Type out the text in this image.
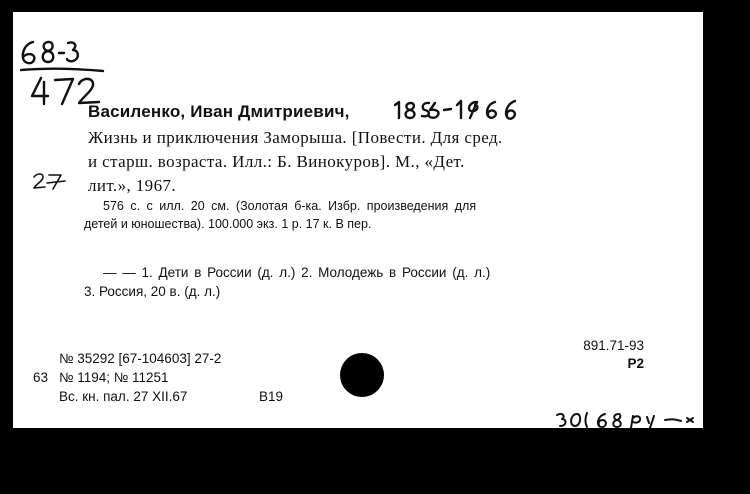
Василенко, Иван Дмитриевич,
Жизнь и приключения Заморыша. [Повести. Для сред.
и старш. возраста. Илл.: Б. Винокуров]. М., «Дет.
лит.», 1967.
576 с. с илл. 20 см. (Золотая б-ка. Избр. произведения для
детей и юношества). 100.000 экз. 1 р. 17 к. В пер.
— — 1. Дети в России (д. л.) 2. Молодежь в России (д. л.)
3. Россия, 20 в. (д. л.)
891.71-93
Р2
№ 35292 [67-104603] 27-2
63 № 1194; № 11251
Вс. кн. пал. 27 XII.67	В19
